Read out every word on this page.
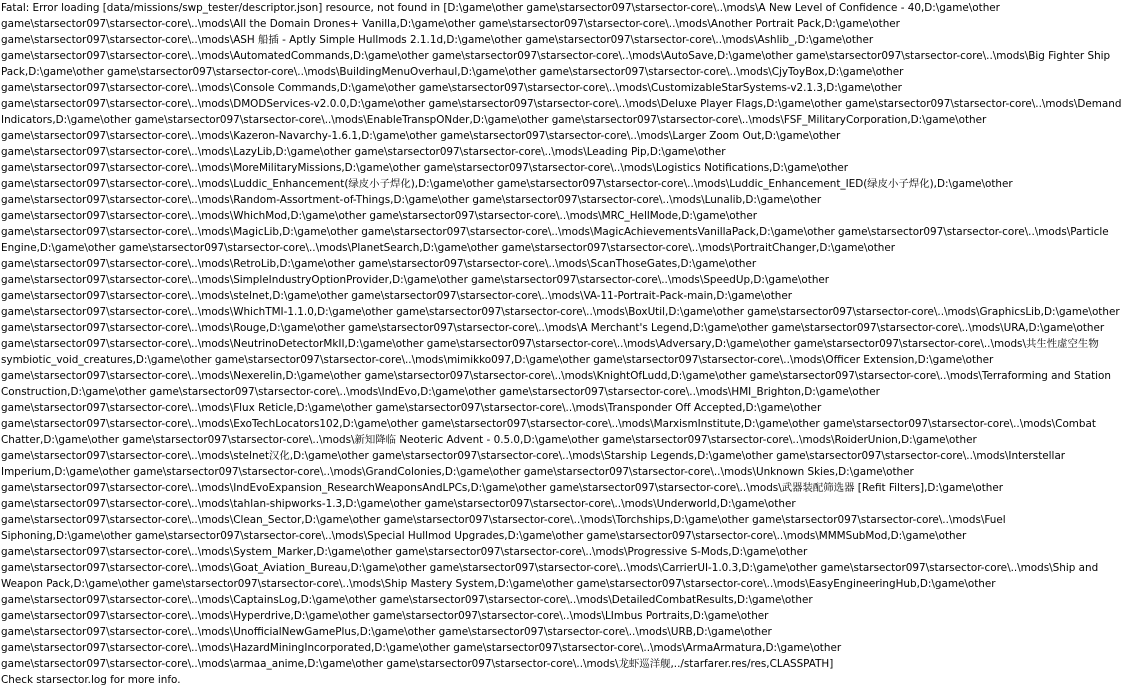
Fatal: Error loading [data/missions/swp_tester/descriptor.json] resource, not found in [D:\game\other game\starsector097\starsector-core\..\mods\A New Level of Confidence - 40,D:\game\other
game\starsector097\starsector-core\..\mods\All the Domain Drones+ Vanilla,D:\game\other game\starsector097\starsector-core\..\mods\Another Portrait Pack,D:\game\other
game\starsector097\starsector-core\..\mods\ASH 船插 - Aptly Simple Hullmods 2.1.1d,D:\game\other game\starsector097\starsector-core\..\mods\Ashlib_,D:\game\other
game\starsector097\starsector-core\..\mods\AutomatedCommands,D:\game\other game\starsector097\starsector-core\..\mods\AutoSave,D:\game\other game\starsector097\starsector-core\..\mods\Big Fighter Ship
Pack,D:\game\other game\starsector097\starsector-core\..\mods\BuildingMenuOverhaul,D:\game\other game\starsector097\starsector-core\..\mods\CjyToyBox,D:\game\other
game\starsector097\starsector-core\..\mods\Console Commands,D:\game\other game\starsector097\starsector-core\..\mods\CustomizableStarSystems-v2.1.3,D:\game\other
game\starsector097\starsector-core\..\mods\DMODServices-v2.0.0,D:\game\other game\starsector097\starsector-core\..\mods\Deluxe Player Flags,D:\game\other game\starsector097\starsector-core\..\mods\Demand
Indicators,D:\game\other game\starsector097\starsector-core\..\mods\EnableTranspONder,D:\game\other game\starsector097\starsector-core\..\mods\FSF_MilitaryCorporation,D:\game\other
game\starsector097\starsector-core\..\mods\Kazeron-Navarchy-1.6.1,D:\game\other game\starsector097\starsector-core\..\mods\Larger Zoom Out,D:\game\other
game\starsector097\starsector-core\..\mods\LazyLib,D:\game\other game\starsector097\starsector-core\..\mods\Leading Pip,D:\game\other
game\starsector097\starsector-core\..\mods\MoreMilitaryMissions,D:\game\other game\starsector097\starsector-core\..\mods\Logistics Notifications,D:\game\other
game\starsector097\starsector-core\..\mods\Luddic_Enhancement(绿皮小子焊化),D:\game\other game\starsector097\starsector-core\..\mods\Luddic_Enhancement_IED(绿皮小子焊化),D:\game\other
game\starsector097\starsector-core\..\mods\Random-Assortment-of-Things,D:\game\other game\starsector097\starsector-core\..\mods\Lunalib,D:\game\other
game\starsector097\starsector-core\..\mods\WhichMod,D:\game\other game\starsector097\starsector-core\..\mods\MRC_HellMode,D:\game\other
game\starsector097\starsector-core\..\mods\MagicLib,D:\game\other game\starsector097\starsector-core\..\mods\MagicAchievementsVanillaPack,D:\game\other game\starsector097\starsector-core\..\mods\Particle
Engine,D:\game\other game\starsector097\starsector-core\..\mods\PlanetSearch,D:\game\other game\starsector097\starsector-core\..\mods\PortraitChanger,D:\game\other
game\starsector097\starsector-core\..\mods\RetroLib,D:\game\other game\starsector097\starsector-core\..\mods\ScanThoseGates,D:\game\other
game\starsector097\starsector-core\..\mods\SimpleIndustryOptionProvider,D:\game\other game\starsector097\starsector-core\..\mods\SpeedUp,D:\game\other
game\starsector097\starsector-core\..\mods\stelnet,D:\game\other game\starsector097\starsector-core\..\mods\VA-11-Portrait-Pack-main,D:\game\other
game\starsector097\starsector-core\..\mods\WhichTMI-1.1.0,D:\game\other game\starsector097\starsector-core\..\mods\BoxUtil,D:\game\other game\starsector097\starsector-core\..\mods\GraphicsLib,D:\game\other
game\starsector097\starsector-core\..\mods\Rouge,D:\game\other game\starsector097\starsector-core\..\mods\A Merchant's Legend,D:\game\other game\starsector097\starsector-core\..\mods\URA,D:\game\other
game\starsector097\starsector-core\..\mods\NeutrinoDetectorMkII,D:\game\other game\starsector097\starsector-core\..\mods\Adversary,D:\game\other game\starsector097\starsector-core\..\mods\共生性虚空生物
symbiotic_void_creatures,D:\game\other game\starsector097\starsector-core\..\mods\mimikko097,D:\game\other game\starsector097\starsector-core\..\mods\Officer Extension,D:\game\other
game\starsector097\starsector-core\..\mods\Nexerelin,D:\game\other game\starsector097\starsector-core\..\mods\KnightOfLudd,D:\game\other game\starsector097\starsector-core\..\mods\Terraforming and Station
Construction,D:\game\other game\starsector097\starsector-core\..\mods\IndEvo,D:\game\other game\starsector097\starsector-core\..\mods\HMI_Brighton,D:\game\other
game\starsector097\starsector-core\..\mods\Flux Reticle,D:\game\other game\starsector097\starsector-core\..\mods\Transponder Off Accepted,D:\game\other
game\starsector097\starsector-core\..\mods\ExoTechLocators102,D:\game\other game\starsector097\starsector-core\..\mods\MarxismInstitute,D:\game\other game\starsector097\starsector-core\..\mods\Combat
Chatter,D:\game\other game\starsector097\starsector-core\..\mods\新知降临 Neoteric Advent - 0.5.0,D:\game\other game\starsector097\starsector-core\..\mods\RoiderUnion,D:\game\other
game\starsector097\starsector-core\..\mods\stelnet汉化,D:\game\other game\starsector097\starsector-core\..\mods\Starship Legends,D:\game\other game\starsector097\starsector-core\..\mods\Interstellar
Imperium,D:\game\other game\starsector097\starsector-core\..\mods\GrandColonies,D:\game\other game\starsector097\starsector-core\..\mods\Unknown Skies,D:\game\other
game\starsector097\starsector-core\..\mods\IndEvoExpansion_ResearchWeaponsAndLPCs,D:\game\other game\starsector097\starsector-core\..\mods\武器装配筛选器 [Refit Filters],D:\game\other
game\starsector097\starsector-core\..\mods\tahlan-shipworks-1.3,D:\game\other game\starsector097\starsector-core\..\mods\Underworld,D:\game\other
game\starsector097\starsector-core\..\mods\Clean_Sector,D:\game\other game\starsector097\starsector-core\..\mods\Torchships,D:\game\other game\starsector097\starsector-core\..\mods\Fuel
Siphoning,D:\game\other game\starsector097\starsector-core\..\mods\Special Hullmod Upgrades,D:\game\other game\starsector097\starsector-core\..\mods\MMMSubMod,D:\game\other
game\starsector097\starsector-core\..\mods\System_Marker,D:\game\other game\starsector097\starsector-core\..\mods\Progressive S-Mods,D:\game\other
game\starsector097\starsector-core\..\mods\Goat_Aviation_Bureau,D:\game\other game\starsector097\starsector-core\..\mods\CarrierUI-1.0.3,D:\game\other game\starsector097\starsector-core\..\mods\Ship and
Weapon Pack,D:\game\other game\starsector097\starsector-core\..\mods\Ship Mastery System,D:\game\other game\starsector097\starsector-core\..\mods\EasyEngineeringHub,D:\game\other
game\starsector097\starsector-core\..\mods\CaptainsLog,D:\game\other game\starsector097\starsector-core\..\mods\DetailedCombatResults,D:\game\other
game\starsector097\starsector-core\..\mods\Hyperdrive,D:\game\other game\starsector097\starsector-core\..\mods\LImbus Portraits,D:\game\other
game\starsector097\starsector-core\..\mods\UnofficialNewGamePlus,D:\game\other game\starsector097\starsector-core\..\mods\URB,D:\game\other
game\starsector097\starsector-core\..\mods\HazardMiningIncorporated,D:\game\other game\starsector097\starsector-core\..\mods\ArmaArmatura,D:\game\other
game\starsector097\starsector-core\..\mods\armaa_anime,D:\game\other game\starsector097\starsector-core\..\mods\龙虾巡洋舰,../starfarer.res/res,CLASSPATH]
Check starsector.log for more info.
